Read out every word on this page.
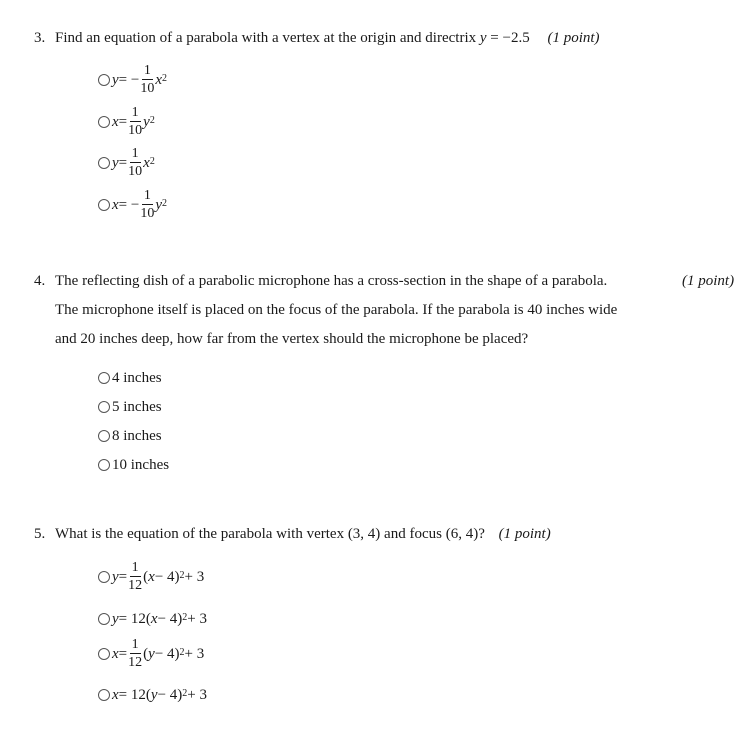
3. Find an equation of a parabola with a vertex at the origin and directrix y = −2.5 (1 point)
y = − $\frac{1}{10} x^2$
$x = \frac{1}{10} y^2$
$y = \frac{1}{10} x^2$
x = − $\frac{1}{10} y^2$
4. The reflecting dish of a parabolic microphone has a cross-section in the shape of a parabola.	(1 point)
The microphone itself is placed on the focus of the parabola. If the parabola is 40 inches wide
and 20 inches deep, how far from the vertex should the microphone be placed?
4 inches
5 inches
8 inches
10 inches
5. What is the equation of the parabola with vertex (3, 4) and focus (6, 4)? (1 point)
$y = \frac{1}{12}$ ( x − 4)$^2$ + 3
y = 12( x − 4)$^2$ + 3
$x = \frac{1}{12}$ ( y − 4)$^2$ + 3
x = 12( y − 4)$^2$ + 3
